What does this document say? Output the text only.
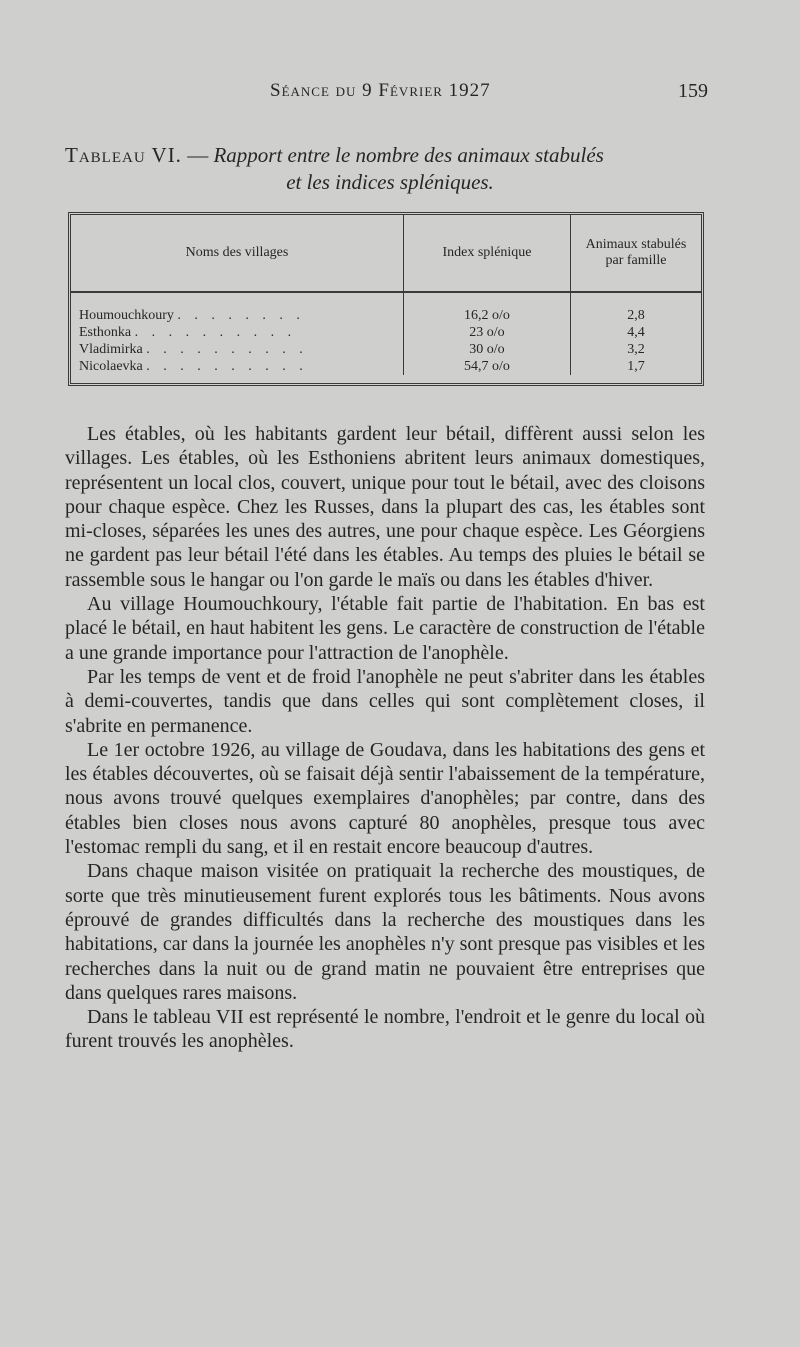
Séance du 9 Février 1927	159
Tableau VI. — Rapport entre le nombre des animaux stabulés
et les indices spléniques.
Noms des villages	Index splénique	Animaux stabulés par famille

Houmouchkoury . . . . . . . .	16,2 o/o	2,8
Esthonka . . . . . . . . . .	23 o/o	4,4
Vladimirka . . . . . . . . . .	30 o/o	3,2
Nicolaevka . . . . . . . . . .	54,7 o/o	1,7

Les étables, où les habitants gardent leur bétail, diffèrent aussi selon les villages. Les étables, où les Esthoniens abritent leurs animaux domestiques, représentent un local clos, couvert, unique pour tout le bétail, avec des cloisons pour chaque espèce. Chez les Russes, dans la plupart des cas, les étables sont mi-closes, séparées les unes des autres, une pour chaque espèce. Les Géorgiens ne gardent pas leur bétail l'été dans les étables. Au temps des pluies le bétail se rassemble sous le hangar ou l'on garde le maïs ou dans les étables d'hiver.

Au village Houmouchkoury, l'étable fait partie de l'habitation. En bas est placé le bétail, en haut habitent les gens. Le caractère de construction de l'étable a une grande importance pour l'attraction de l'anophèle.

Par les temps de vent et de froid l'anophèle ne peut s'abriter dans les étables à demi-couvertes, tandis que dans celles qui sont complètement closes, il s'abrite en permanence.

Le 1er octobre 1926, au village de Goudava, dans les habitations des gens et les étables découvertes, où se faisait déjà sentir l'abaissement de la température, nous avons trouvé quelques exemplaires d'anophèles; par contre, dans des étables bien closes nous avons capturé 80 anophèles, presque tous avec l'estomac rempli du sang, et il en restait encore beaucoup d'autres.

Dans chaque maison visitée on pratiquait la recherche des moustiques, de sorte que très minutieusement furent explorés tous les bâtiments. Nous avons éprouvé de grandes difficultés dans la recherche des moustiques dans les habitations, car dans la journée les anophèles n'y sont presque pas visibles et les recherches dans la nuit ou de grand matin ne pouvaient être entreprises que dans quelques rares maisons.

Dans le tableau VII est représenté le nombre, l'endroit et le genre du local où furent trouvés les anophèles.
